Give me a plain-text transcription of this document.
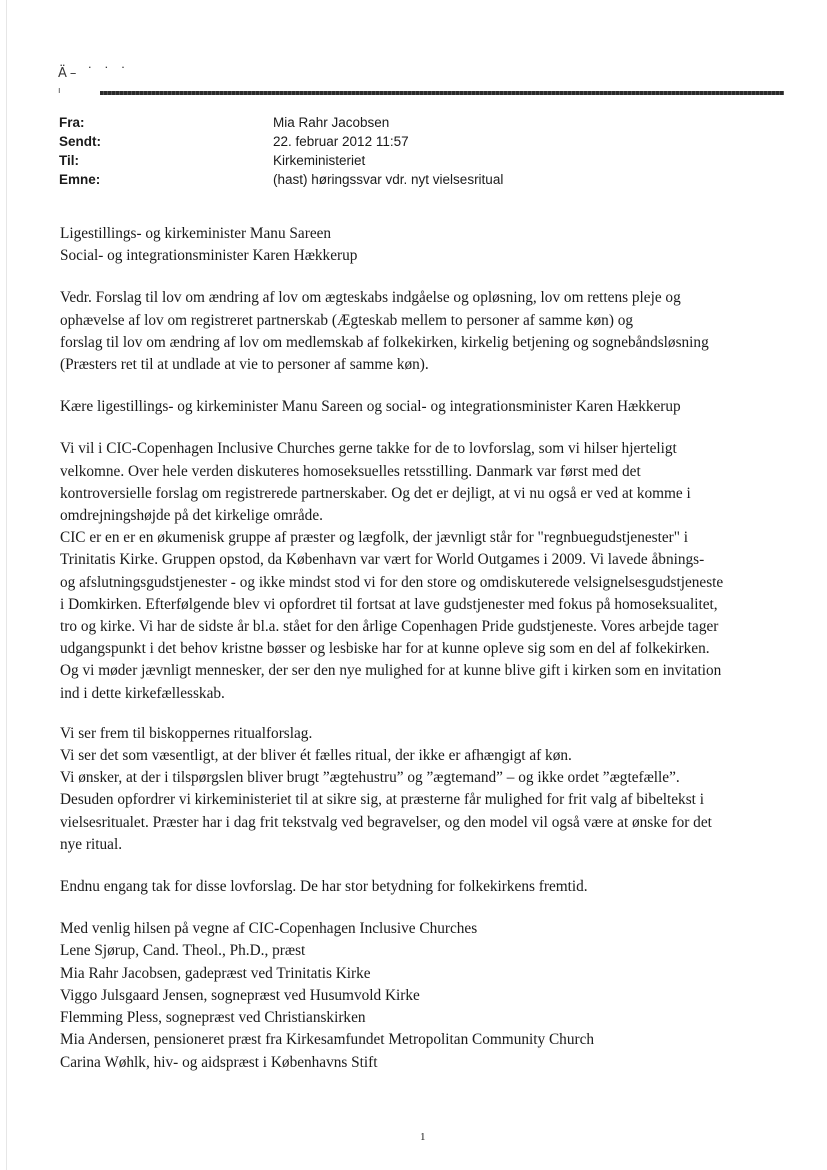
Ä– ˙ ˙ ˙
ı
Fra:	Mia Rahr Jacobsen
Sendt:	22. februar 2012 11:57
Til:	Kirkeministeriet
Emne:	(hast) høringssvar vdr. nyt vielsesritual

Ligestillings- og kirkeminister Manu Sareen
Social- og integrationsminister Karen Hækkerup

Vedr. Forslag til lov om ændring af lov om ægteskabs indgåelse og opløsning, lov om rettens pleje og
ophævelse af lov om registreret partnerskab (Ægteskab mellem to personer af samme køn) og
forslag til lov om ændring af lov om medlemskab af folkekirken, kirkelig betjening og sognebåndsløsning
(Præsters ret til at undlade at vie to personer af samme køn).

Kære ligestillings- og kirkeminister Manu Sareen og social- og integrationsminister Karen Hækkerup

Vi vil i CIC-Copenhagen Inclusive Churches gerne takke for de to lovforslag, som vi hilser hjerteligt
velkomne. Over hele verden diskuteres homoseksuelles retsstilling. Danmark var først med det
kontroversielle forslag om registrerede partnerskaber. Og det er dejligt, at vi nu også er ved at komme i
omdrejningshøjde på det kirkelige område.

CIC er en er en økumenisk gruppe af præster og lægfolk, der jævnligt står for "regnbuegudstjenester" i
Trinitatis Kirke. Gruppen opstod, da København var vært for World Outgames i 2009. Vi lavede åbnings-
og afslutningsgudstjenester - og ikke mindst stod vi for den store og omdiskuterede velsignelsesgudstjeneste
i Domkirken. Efterfølgende blev vi opfordret til fortsat at lave gudstjenester med fokus på homoseksualitet,
tro og kirke. Vi har de sidste år bl.a. stået for den årlige Copenhagen Pride gudstjeneste. Vores arbejde tager
udgangspunkt i det behov kristne bøsser og lesbiske har for at kunne opleve sig som en del af folkekirken.
Og vi møder jævnligt mennesker, der ser den nye mulighed for at kunne blive gift i kirken som en invitation
ind i dette kirkefællesskab.

Vi ser frem til biskoppernes ritualforslag.
Vi ser det som væsentligt, at der bliver ét fælles ritual, der ikke er afhængigt af køn.
Vi ønsker, at der i tilspørgslen bliver brugt ”ægtehustru” og ”ægtemand” – og ikke ordet ”ægtefælle”.
Desuden opfordrer vi kirkeministeriet til at sikre sig, at præsterne får mulighed for frit valg af bibeltekst i
vielsesritualet. Præster har i dag frit tekstvalg ved begravelser, og den model vil også være at ønske for det
nye ritual.

Endnu engang tak for disse lovforslag. De har stor betydning for folkekirkens fremtid.

Med venlig hilsen på vegne af CIC-Copenhagen Inclusive Churches

Lene Sjørup, Cand. Theol., Ph.D., præst

Mia Rahr Jacobsen, gadepræst ved Trinitatis Kirke

Viggo Julsgaard Jensen, sognepræst ved Husumvold Kirke

Flemming Pless, sognepræst ved Christianskirken

Mia Andersen, pensioneret præst fra Kirkesamfundet Metropolitan Community Church

Carina Wøhlk, hiv- og aidspræst i Københavns Stift

1
